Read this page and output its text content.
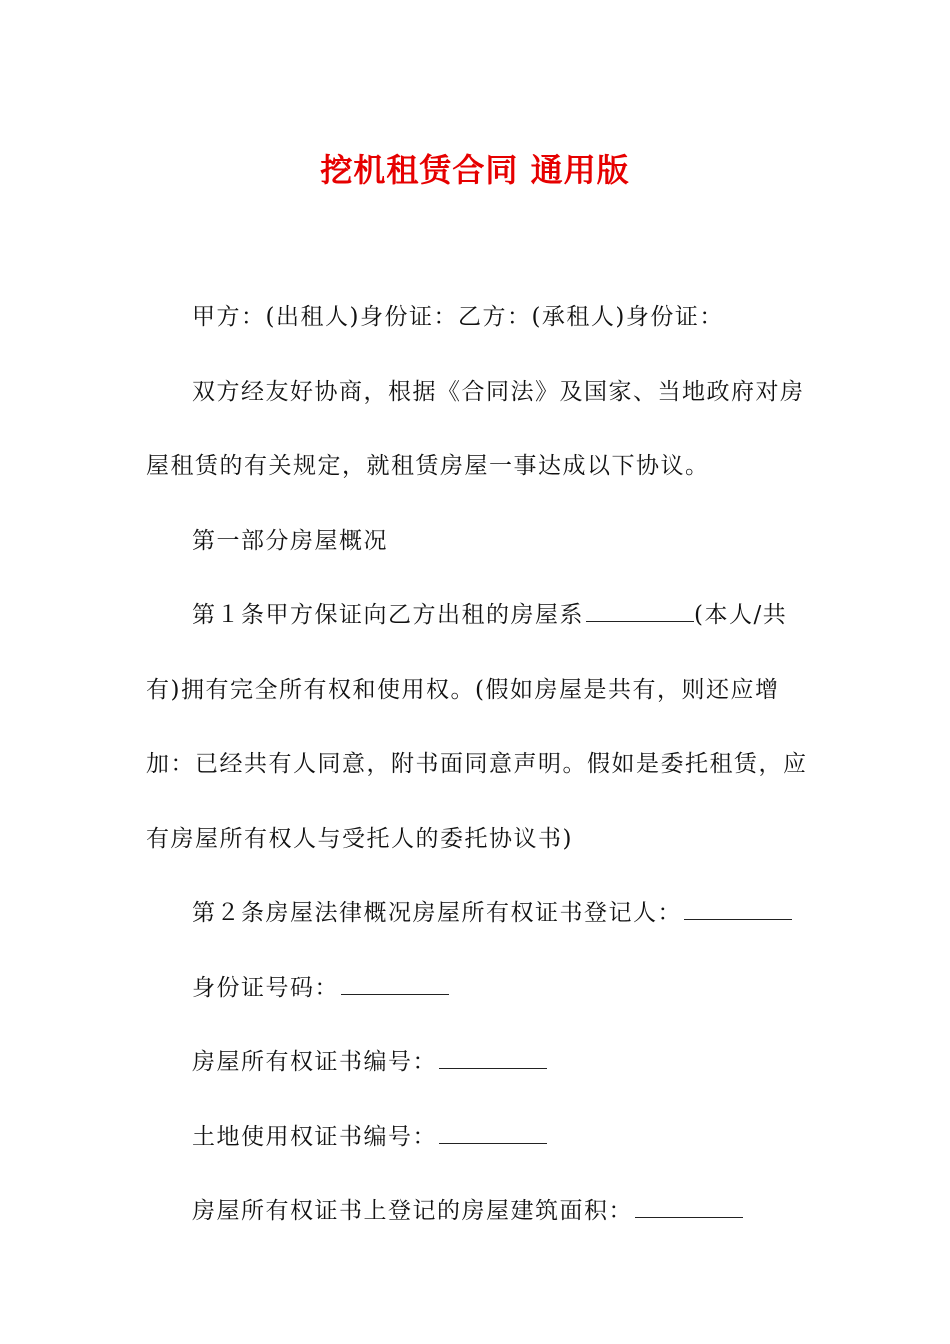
挖机租赁合同 通用版

甲方：(出租人)身份证：乙方：(承租人)身份证：

双方经友好协商，根据《合同法》及国家、当地政府对房屋租赁的有关规定，就租赁房屋一事达成以下协议。

第一部分房屋概况

第１条甲方保证向乙方出租的房屋系	(本人/共有)拥有完全所有权和使用权。(假如房屋是共有，则还应增加：已经共有人同意，附书面同意声明。假如是委托租赁，应有房屋所有权人与受托人的委托协议书)

第２条房屋法律概况房屋所有权证书登记人：

身份证号码：

房屋所有权证书编号：

土地使用权证书编号：

房屋所有权证书上登记的房屋建筑面积：
